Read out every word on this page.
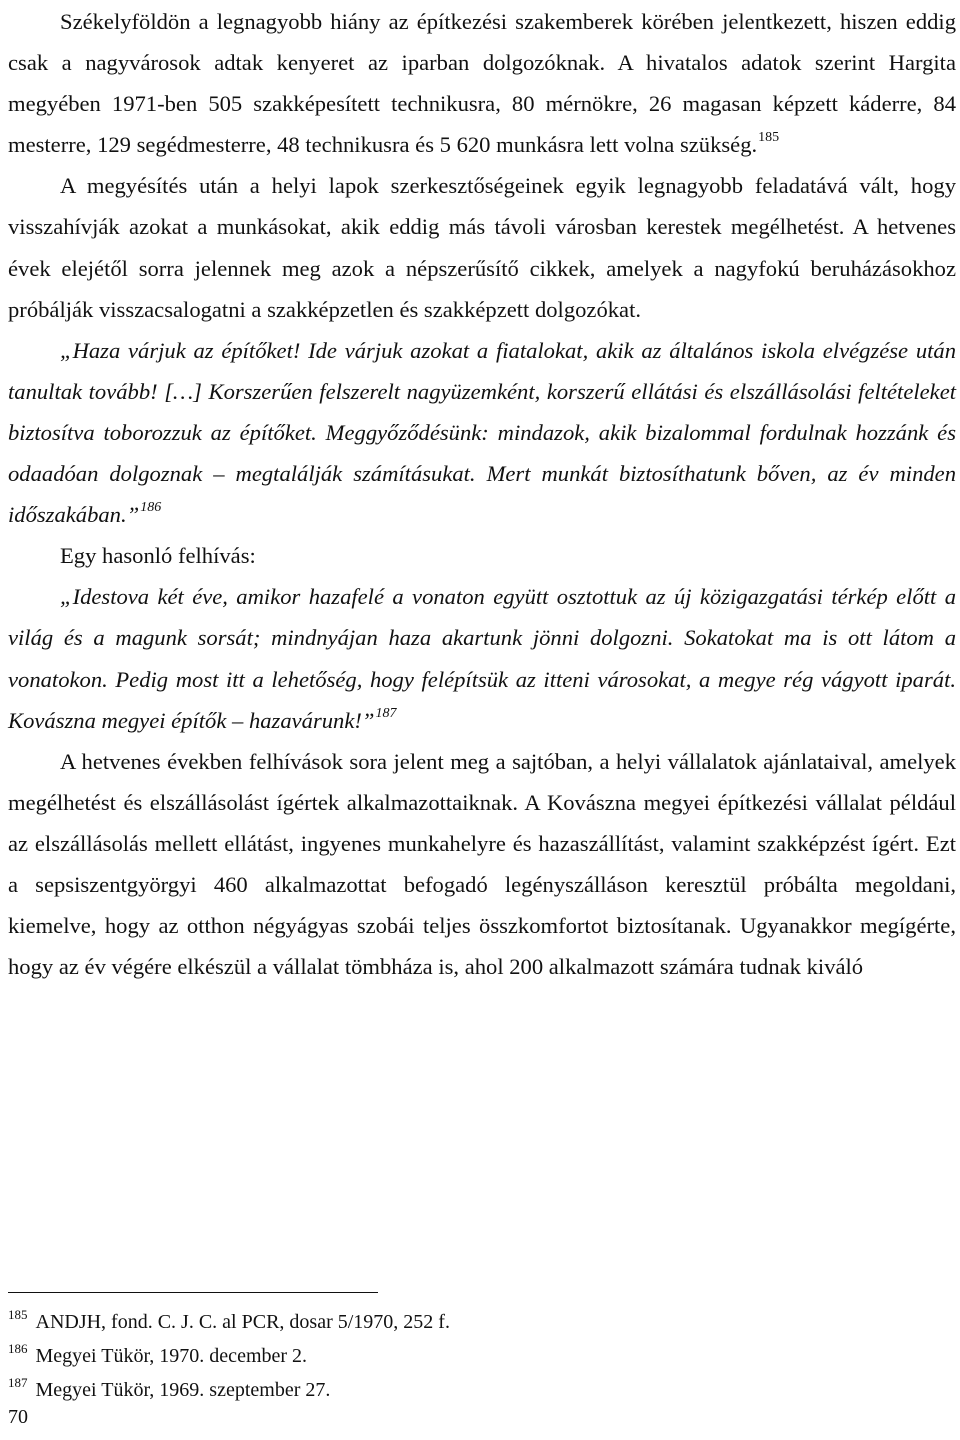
Székelyföldön a legnagyobb hiány az építkezési szakemberek körében jelentkezett, hiszen eddig csak a nagyvárosok adtak kenyeret az iparban dolgozóknak. A hivatalos adatok szerint Hargita megyében 1971-ben 505 szakképesített technikusra, 80 mérnökre, 26 magasan képzett káderre, 84 mesterre, 129 segédmesterre, 48 technikusra és 5 620 munkásra lett volna szükség.$^{185}$

A megyésítés után a helyi lapok szerkesztőségeinek egyik legnagyobb feladatává vált, hogy visszahívják azokat a munkásokat, akik eddig más távoli városban kerestek megélhetést. A hetvenes évek elejétől sorra jelennek meg azok a népszerűsítő cikkek, amelyek a nagyfokú beruházásokhoz próbálják visszacsalogatni a szakképzetlen és szakképzett dolgozókat.

„Haza várjuk az építőket! Ide várjuk azokat a fiatalokat, akik az általános iskola elvégzése után tanultak tovább! […] Korszerűen felszerelt nagyüzemként, korszerű ellátási és elszállásolási feltételeket biztosítva toborozzuk az építőket. Meggyőződésünk: mindazok, akik bizalommal fordulnak hozzánk és odaadóan dolgoznak – megtalálják számításukat. Mert munkát biztosíthatunk bőven, az év minden időszakában.”$^{186}$

Egy hasonló felhívás:

„Idestova két éve, amikor hazafelé a vonaton együtt osztottuk az új közigazgatási térkép előtt a világ és a magunk sorsát; mindnyájan haza akartunk jönni dolgozni. Sokatokat ma is ott látom a vonatokon. Pedig most itt a lehetőség, hogy felépítsük az itteni városokat, a megye rég vágyott iparát. Kovászna megyei építők – hazavárunk!”$^{187}$

A hetvenes években felhívások sora jelent meg a sajtóban, a helyi vállalatok ajánlataival, amelyek megélhetést és elszállásolást ígértek alkalmazottaiknak. A Kovászna megyei építkezési vállalat például az elszállásolás mellett ellátást, ingyenes munkahelyre és hazaszállítást, valamint szakképzést ígért. Ezt a sepsiszentgyörgyi 460 alkalmazottat befogadó legényszálláson keresztül próbálta megoldani, kiemelve, hogy az otthon négyágyas szobái teljes összkomfortot biztosítanak. Ugyanakkor megígérte, hogy az év végére elkészül a vállalat tömbháza is, ahol 200 alkalmazott számára tudnak kiváló

$^{185}$ ANDJH, fond. C. J. C. al PCR, dosar 5/1970, 252 f.
$^{186}$ Megyei Tükör, 1970. december 2.
$^{187}$ Megyei Tükör, 1969. szeptember 27.
70
